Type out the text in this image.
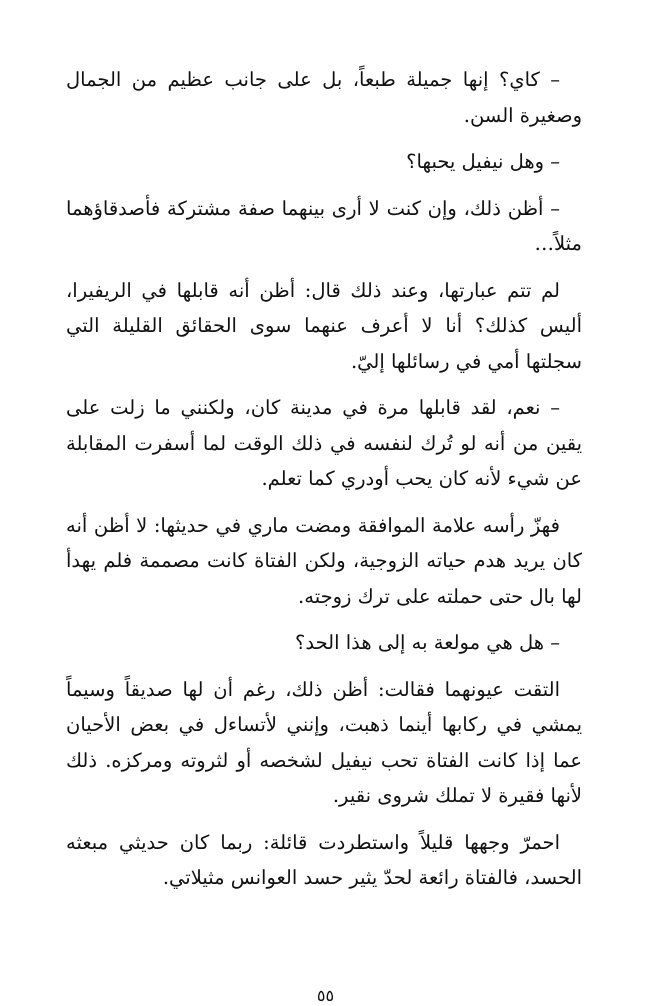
– كاي؟ إنها جميلة طبعاً، بل على جانب عظيم من الجمال وصغيرة السن.

– وهل نيفيل يحبها؟

– أظن ذلك، وإن كنت لا أرى بينهما صفة مشتركة فأصدقاؤهما مثلاً…

لم تتم عبارتها، وعند ذلك قال: أظن أنه قابلها في الريفيرا، أليس كذلك؟ أنا لا أعرف عنهما سوى الحقائق القليلة التي سجلتها أمي في رسائلها إليّ.

– نعم، لقد قابلها مرة في مدينة كان، ولكنني ما زلت على يقين من أنه لو تُرك لنفسه في ذلك الوقت لما أسفرت المقابلة عن شيء لأنه كان يحب أودري كما تعلم.

فهزّ رأسه علامة الموافقة ومضت ماري في حديثها: لا أظن أنه كان يريد هدم حياته الزوجية، ولكن الفتاة كانت مصممة فلم يهدأ لها بال حتى حملته على ترك زوجته.

– هل هي مولعة به إلى هذا الحد؟

التقت عيونهما فقالت: أظن ذلك، رغم أن لها صديقاً وسيماً يمشي في ركابها أينما ذهبت، وإنني لأتساءل في بعض الأحيان عما إذا كانت الفتاة تحب نيفيل لشخصه أو لثروته ومركزه. ذلك لأنها فقيرة لا تملك شروى نقير.

احمرّ وجهها قليلاً واستطردت قائلة: ربما كان حديثي مبعثه الحسد، فالفتاة رائعة لحدّ يثير حسد العوانس مثيلاتي.

٥٥
